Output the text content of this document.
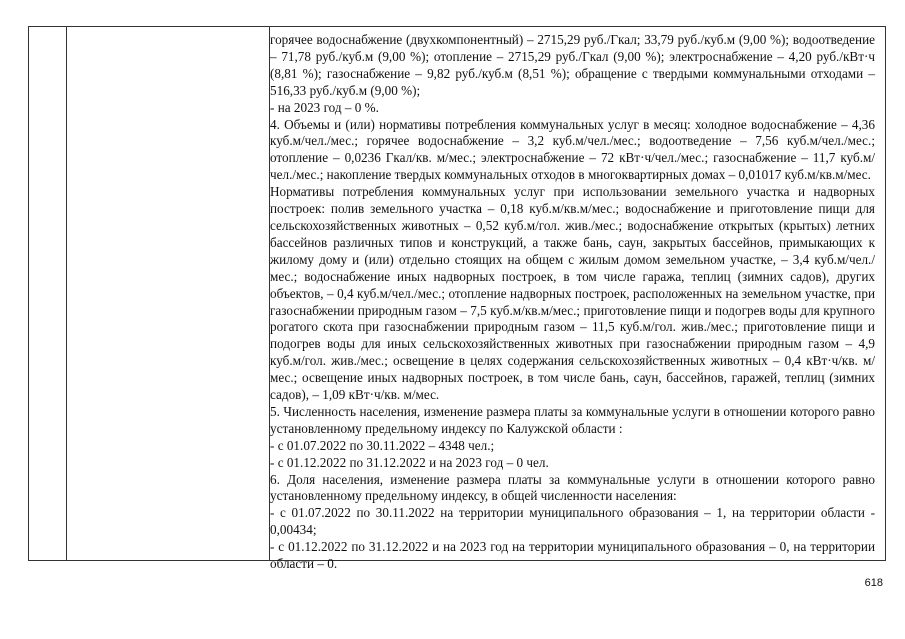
горячее водоснабжение (двухкомпонентный) – 2715,29 руб./Гкал; 33,79 руб./куб.м (9,00 %); водоотведение – 71,78 руб./куб.м (9,00 %); отопление – 2715,29 руб./Гкал (9,00 %); электроснабжение – 4,20 руб./кВт·ч (8,81 %); газоснабжение – 9,82 руб./куб.м (8,51 %); обращение с твердыми коммунальными отходами – 516,33 руб./куб.м (9,00 %);

- на 2023 год – 0 %.

4. Объемы и (или) нормативы потребления коммунальных услуг в месяц: холодное водоснабжение – 4,36 куб.м/чел./мес.; горячее водоснабжение – 3,2 куб.м/чел./мес.; водоотведение – 7,56 куб.м/чел./мес.; отопление – 0,0236 Гкал/кв. м/мес.; электроснабжение – 72 кВт·ч/чел./мес.; газоснабжение – 11,7 куб.м/чел./мес.; накопление твердых коммунальных отходов в многоквартирных домах – 0,01017 куб.м/кв.м/мес.

Нормативы потребления коммунальных услуг при использовании земельного участка и надворных построек: полив земельного участка – 0,18 куб.м/кв.м/мес.; водоснабжение и приготовление пищи для сельскохозяйственных животных – 0,52 куб.м/гол. жив./мес.; водоснабжение открытых (крытых) летних бассейнов различных типов и конструкций, а также бань, саун, закрытых бассейнов, примыкающих к жилому дому и (или) отдельно стоящих на общем с жилым домом земельном участке, – 3,4 куб.м/чел./мес.; водоснабжение иных надворных построек, в том числе гаража, теплиц (зимних садов), других объектов, – 0,4 куб.м/чел./мес.; отопление надворных построек, расположенных на земельном участке, при газоснабжении природным газом – 7,5 куб.м/кв.м/мес.; приготовление пищи и подогрев воды для крупного рогатого скота при газоснабжении природным газом – 11,5 куб.м/гол. жив./мес.; приготовление пищи и подогрев воды для иных сельскохозяйственных животных при газоснабжении природным газом – 4,9 куб.м/гол. жив./мес.; освещение в целях содержания сельскохозяйственных животных – 0,4 кВт·ч/кв. м/мес.; освещение иных надворных построек, в том числе бань, саун, бассейнов, гаражей, теплиц (зимних садов), – 1,09 кВт·ч/кв. м/мес.

5. Численность населения, изменение размера платы за коммунальные услуги в отношении которого равно установленному предельному индексу по Калужской области :

- с 01.07.2022 по 30.11.2022 – 4348 чел.;

- с 01.12.2022 по 31.12.2022 и на 2023 год – 0 чел.

6. Доля населения, изменение размера платы за коммунальные услуги в отношении которого равно установленному предельному индексу, в общей численности населения:

- с 01.07.2022 по 30.11.2022 на территории муниципального образования – 1, на территории области - 0,00434;

- с 01.12.2022 по 31.12.2022 и на 2023 год на территории муниципального образования – 0, на территории области – 0.

618
